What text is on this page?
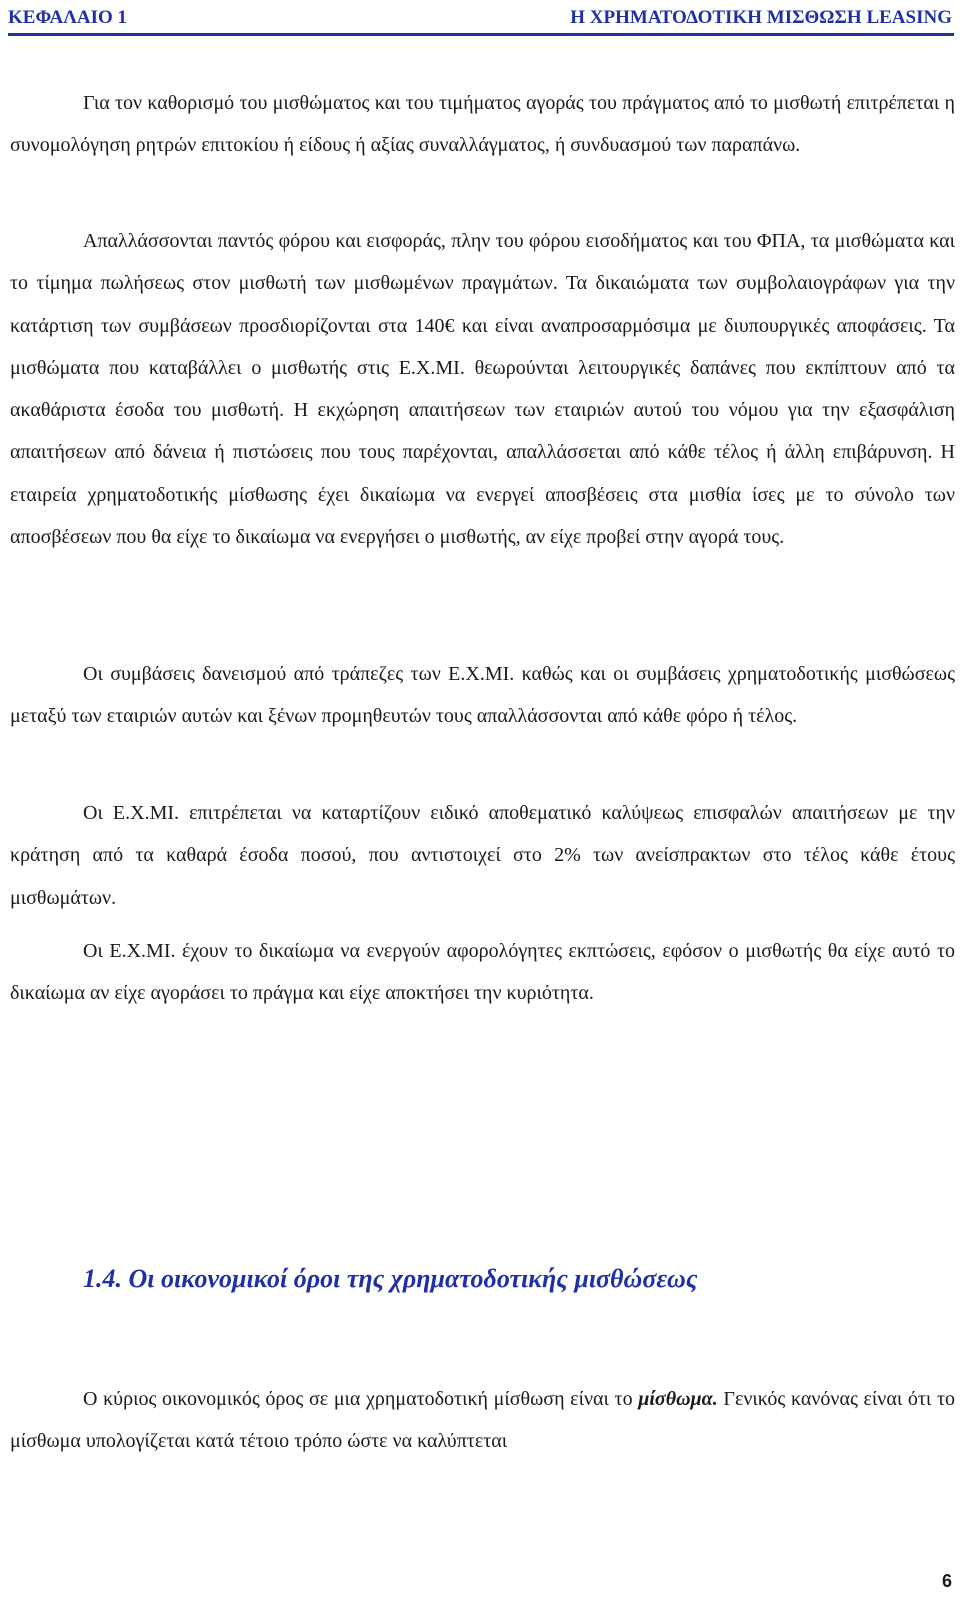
ΚΕΦΑΛΑΙΟ 1	Η ΧΡΗΜΑΤΟΔΟΤΙΚΗ ΜΙΣΘΩΣΗ LEASING

Για τον καθορισμό του μισθώματος και του τιμήματος αγοράς του πράγματος από το μισθωτή επιτρέπεται η συνομολόγηση ρητρών επιτοκίου ή είδους ή αξίας συναλλάγματος, ή συνδυασμού των παραπάνω.

Απαλλάσσονται παντός φόρου και εισφοράς, πλην του φόρου εισοδήματος και του ΦΠΑ, τα μισθώματα και το τίμημα πωλήσεως στον μισθωτή των μισθωμένων πραγμάτων. Τα δικαιώματα των συμβολαιογράφων για την κατάρτιση των συμβάσεων προσδιορίζονται στα 140€ και είναι αναπροσαρμόσιμα με διυπουργικές αποφάσεις. Τα μισθώματα που καταβάλλει ο μισθωτής στις Ε.Χ.ΜΙ. θεωρούνται λειτουργικές δαπάνες που εκπίπτουν από τα ακαθάριστα έσοδα του μισθωτή. Η εκχώρηση απαιτήσεων των εταιριών αυτού του νόμου για την εξασφάλιση απαιτήσεων από δάνεια ή πιστώσεις που τους παρέχονται, απαλλάσσεται από κάθε τέλος ή άλλη επιβάρυνση. Η εταιρεία χρηματοδοτικής μίσθωσης έχει δικαίωμα να ενεργεί αποσβέσεις στα μισθία ίσες με το σύνολο των αποσβέσεων που θα είχε το δικαίωμα να ενεργήσει ο μισθωτής, αν είχε προβεί στην αγορά τους.

Οι συμβάσεις δανεισμού από τράπεζες των Ε.Χ.ΜΙ. καθώς και οι συμβάσεις χρηματοδοτικής μισθώσεως μεταξύ των εταιριών αυτών και ξένων προμηθευτών τους απαλλάσσονται από κάθε φόρο ή τέλος.

Οι Ε.Χ.ΜΙ. επιτρέπεται να καταρτίζουν ειδικό αποθεματικό καλύψεως επισφαλών απαιτήσεων με την κράτηση από τα καθαρά έσοδα ποσού, που αντιστοιχεί στο 2% των ανείσπρακτων στο τέλος κάθε έτους μισθωμάτων.

Οι Ε.Χ.ΜΙ. έχουν το δικαίωμα να ενεργούν αφορολόγητες εκπτώσεις, εφόσον ο μισθωτής θα είχε αυτό το δικαίωμα αν είχε αγοράσει το πράγμα και είχε αποκτήσει την κυριότητα.

1.4. Οι οικονομικοί όροι της χρηματοδοτικής μισθώσεως

Ο κύριος οικονομικός όρος σε μια χρηματοδοτική μίσθωση είναι το μίσθωμα. Γενικός κανόνας είναι ότι το μίσθωμα υπολογίζεται κατά τέτοιο τρόπο ώστε να καλύπτεται

6
